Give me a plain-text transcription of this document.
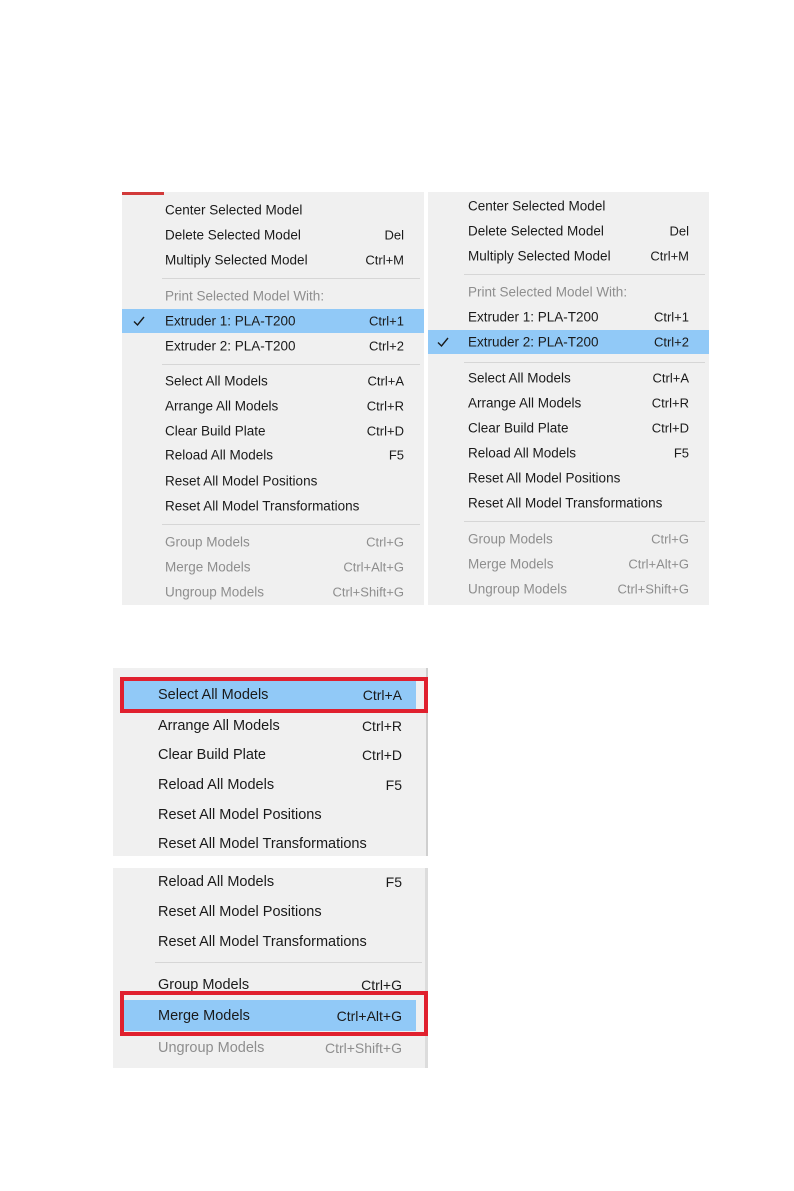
Center Selected Model
Delete Selected Model	Del
Multiply Selected Model	Ctrl+M
Print Selected Model With:
Extruder 1: PLA-T200	Ctrl+1
Extruder 2: PLA-T200	Ctrl+2
Select All Models	Ctrl+A
Arrange All Models	Ctrl+R
Clear Build Plate	Ctrl+D
Reload All Models	F5
Reset All Model Positions
Reset All Model Transformations
Group Models	Ctrl+G
Merge Models	Ctrl+Alt+G
Ungroup Models	Ctrl+Shift+G
Center Selected Model
Delete Selected Model	Del
Multiply Selected Model	Ctrl+M
Print Selected Model With:
Extruder 1: PLA-T200	Ctrl+1
Extruder 2: PLA-T200	Ctrl+2
Select All Models	Ctrl+A
Arrange All Models	Ctrl+R
Clear Build Plate	Ctrl+D
Reload All Models	F5
Reset All Model Positions
Reset All Model Transformations
Group Models	Ctrl+G
Merge Models	Ctrl+Alt+G
Ungroup Models	Ctrl+Shift+G
Select All Models	Ctrl+A
Arrange All Models	Ctrl+R
Clear Build Plate	Ctrl+D
Reload All Models	F5
Reset All Model Positions
Reset All Model Transformations
Reload All Models	F5
Reset All Model Positions
Reset All Model Transformations
Group Models	Ctrl+G
Merge Models	Ctrl+Alt+G
Ungroup Models	Ctrl+Shift+G
